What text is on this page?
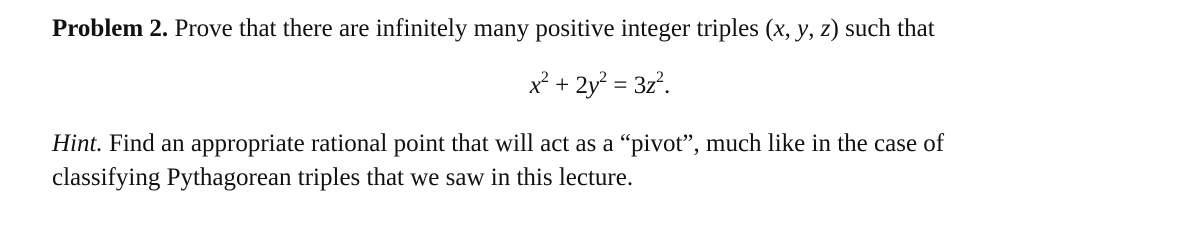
Problem 2. Prove that there are infinitely many positive integer triples (x, y, z) such that
$x^2 + 2y^2 = 3z^2$.
Hint. Find an appropriate rational point that will act as a “pivot”, much like in the case of
classifying Pythagorean triples that we saw in this lecture.
